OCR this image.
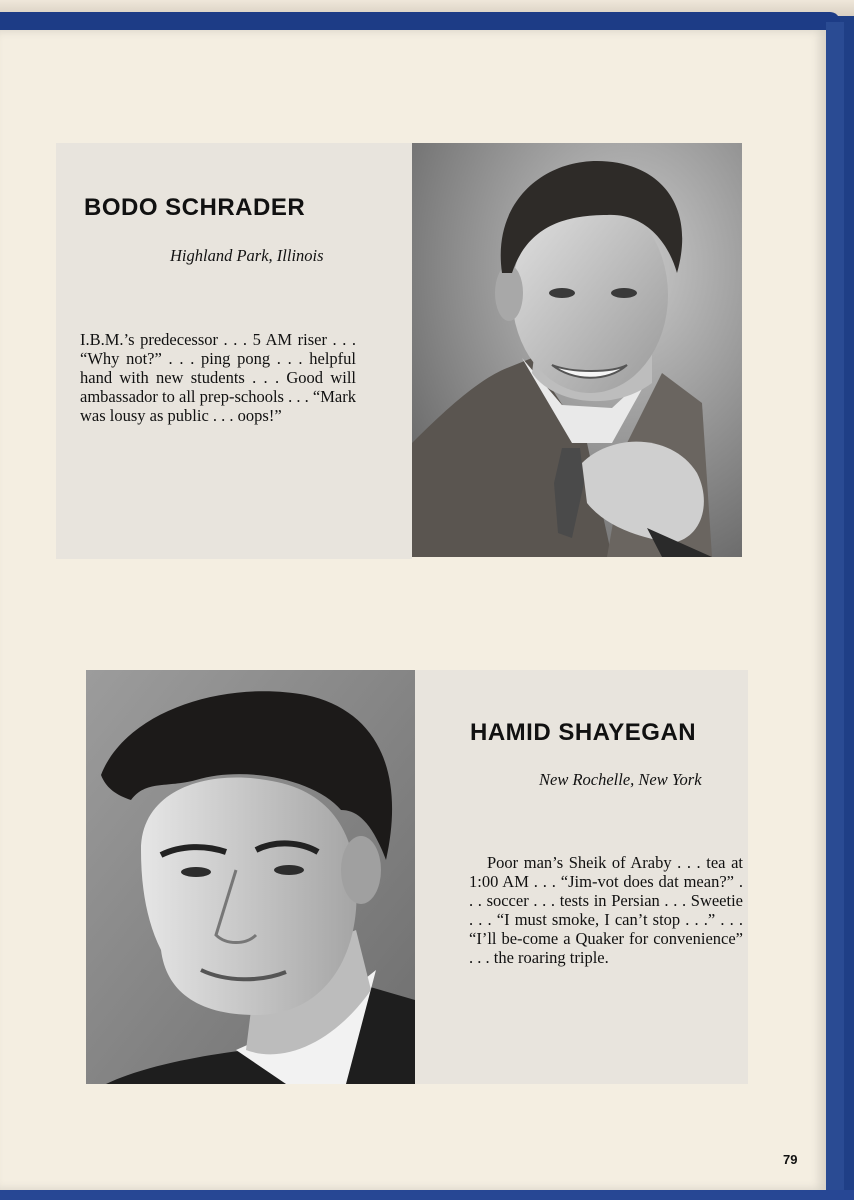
BODO SCHRADER

Highland Park, Illinois

I.B.M.’s predecessor . . . 5 AM riser . . . “Why not?” . . . ping pong . . . helpful hand with new students . . . Good will ambassador to all prep-schools . . . “Mark was lousy as public . . . oops!”

HAMID SHAYEGAN

New Rochelle, New York

Poor man’s Sheik of Araby . . . tea at 1:00 AM . . . “Jim-vot does dat mean?” . . . soccer . . . tests in Persian . . . Sweetie . . . “I must smoke, I can’t stop . . .” . . . “I’ll be-come a Quaker for convenience” . . . the roaring triple.

79
